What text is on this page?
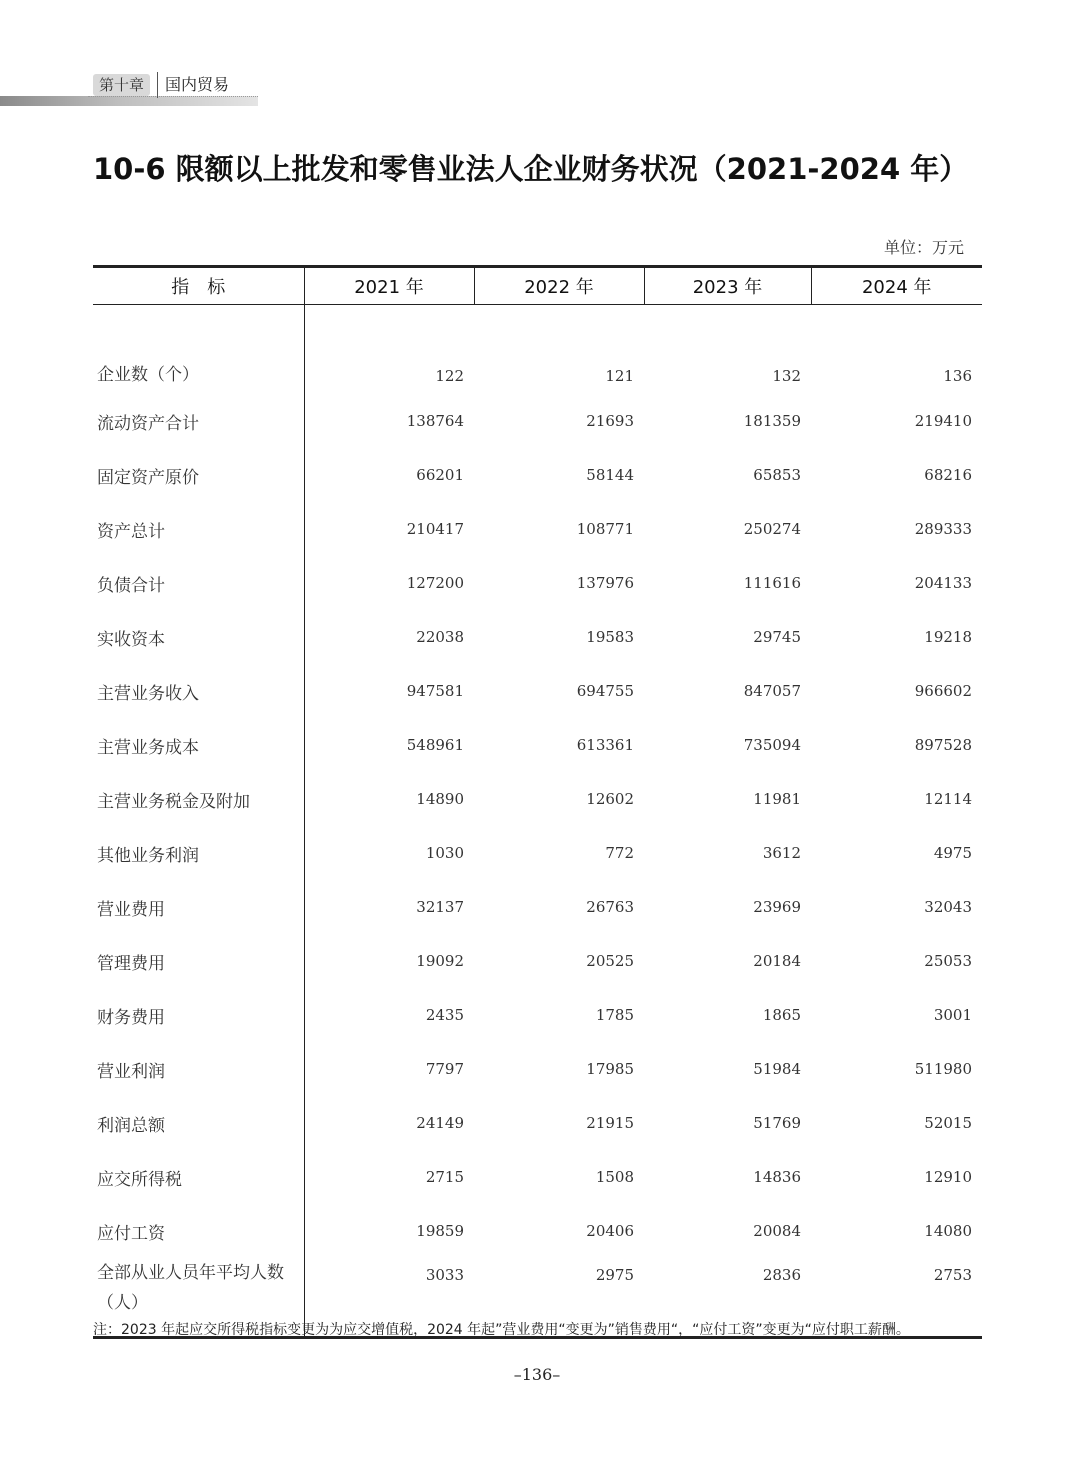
第十章	国内贸易
10-6 限额以上批发和零售业法人企业财务状况（2021-2024 年）
单位：万元
指　标	2021 年	2022 年	2023 年	2024 年
企业数（个）	122	121	132	136
流动资产合计	138764	21693	181359	219410
固定资产原价	66201	58144	65853	68216
资产总计	210417	108771	250274	289333
负债合计	127200	137976	111616	204133
实收资本	22038	19583	29745	19218
主营业务收入	947581	694755	847057	966602
主营业务成本	548961	613361	735094	897528
主营业务税金及附加	14890	12602	11981	12114
其他业务利润	1030	772	3612	4975
营业费用	32137	26763	23969	32043
管理费用	19092	20525	20184	25053
财务费用	2435	1785	1865	3001
营业利润	7797	17985	51984	511980
利润总额	24149	21915	51769	52015
应交所得税	2715	1508	14836	12910
应付工资	19859	20406	20084	14080
全部从业人员年平均人数（人）	3033	2975	2836	2753
注：2023 年起应交所得税指标变更为为应交增值税，2024 年起”营业费用“变更为”销售费用“，“应付工资”变更为“应付职工薪酬。
–136–
